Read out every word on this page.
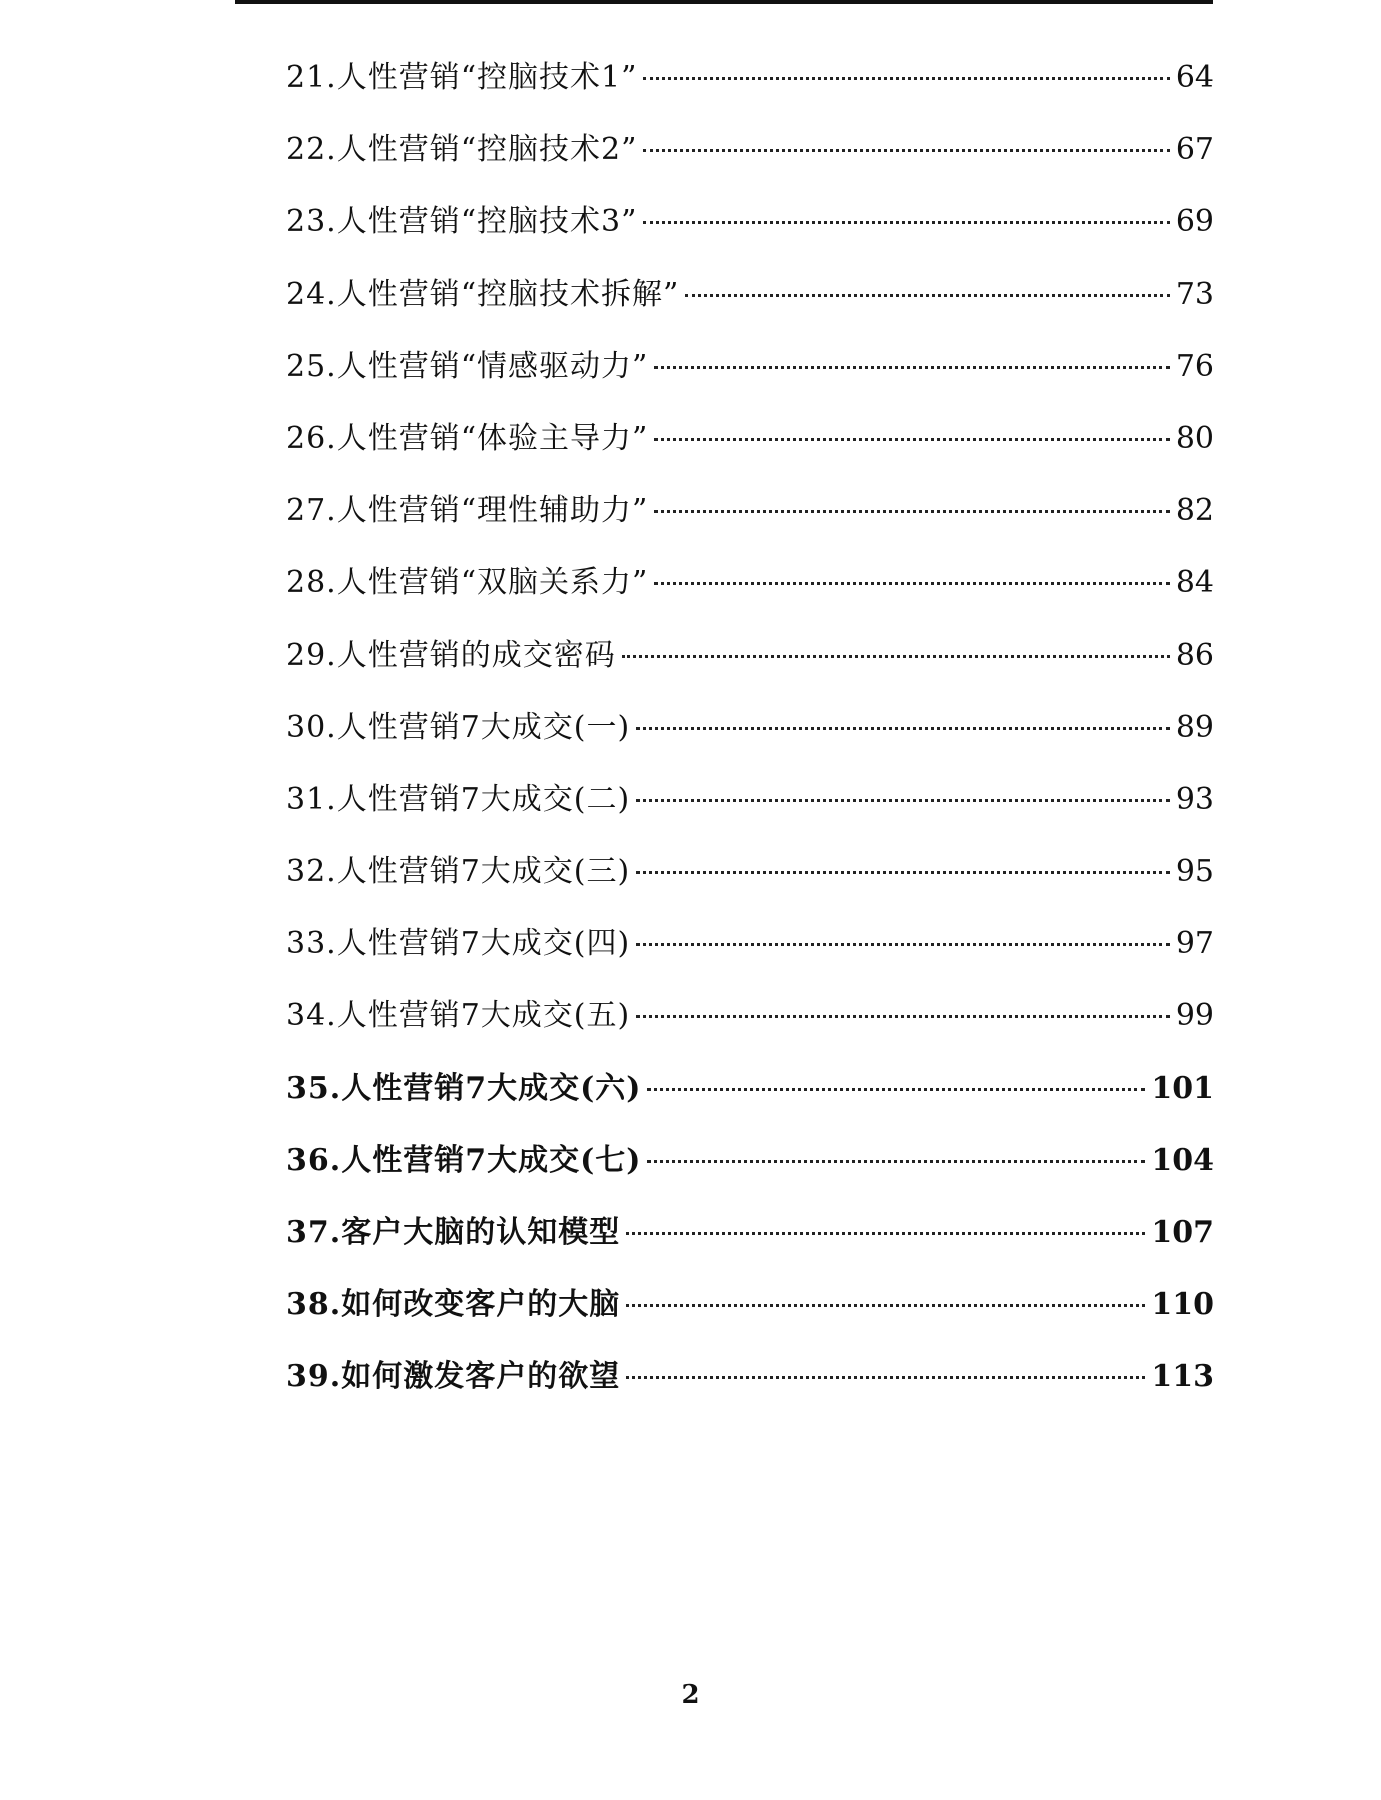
21.人性营销“控脑技术1”	64
22.人性营销“控脑技术2”	67
23.人性营销“控脑技术3”	69
24.人性营销“控脑技术拆解”	73
25.人性营销“情感驱动力”	76
26.人性营销“体验主导力”	80
27.人性营销“理性辅助力”	82
28.人性营销“双脑关系力”	84
29.人性营销的成交密码	86
30.人性营销7大成交(一)	89
31.人性营销7大成交(二)	93
32.人性营销7大成交(三)	95
33.人性营销7大成交(四)	97
34.人性营销7大成交(五)	99
35.人性营销7大成交(六)	101
36.人性营销7大成交(七)	104
37.客户大脑的认知模型	107
38.如何改变客户的大脑	110
39.如何激发客户的欲望	113
2
